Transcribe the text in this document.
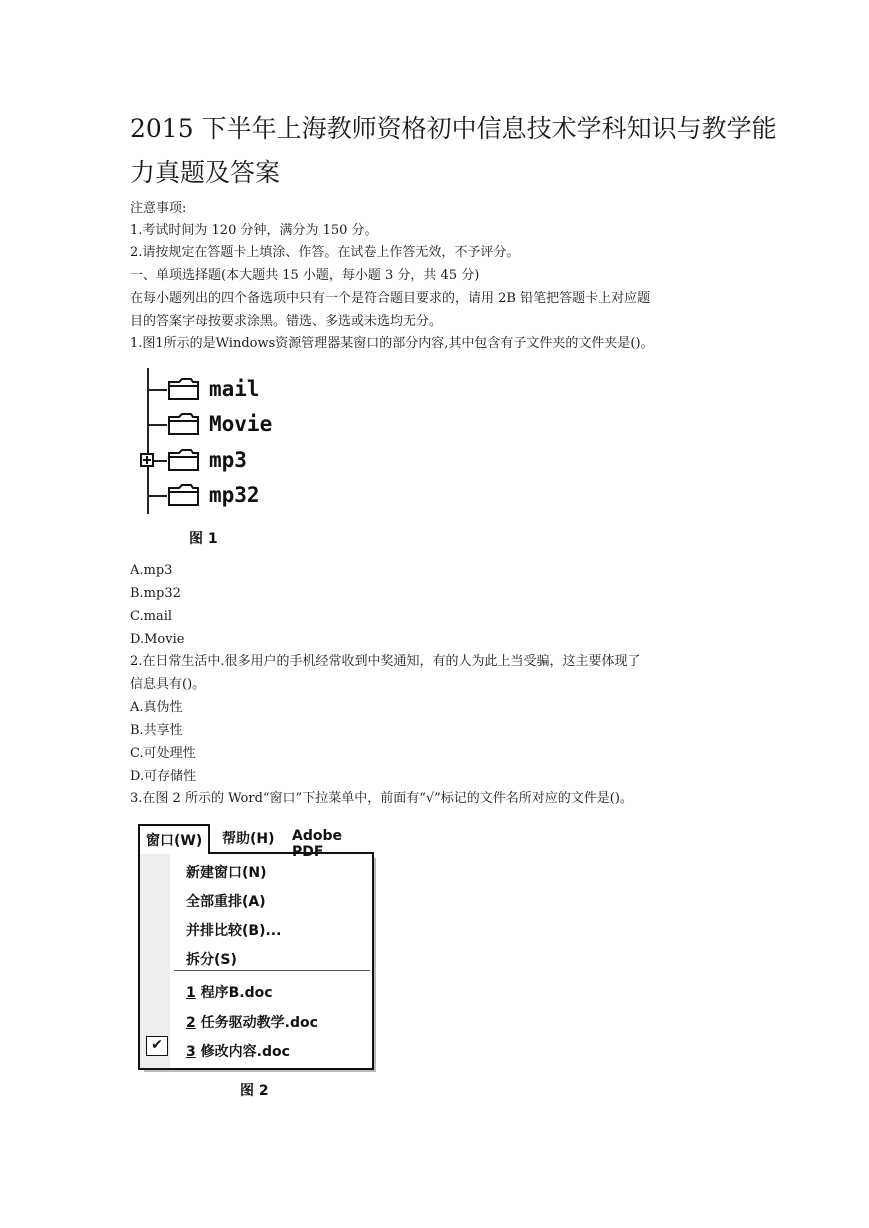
2015 下半年上海教师资格初中信息技术学科知识与教学能
力真题及答案
注意事项:
1.考试时间为 120 分钟，满分为 150 分。
2.请按规定在答题卡上填涂、作答。在试卷上作答无效，不予评分。
一、单项选择题(本大题共 15 小题，每小题 3 分，共 45 分)
在每小题列出的四个备选项中只有一个是符合题目要求的，请用 2B 铅笔把答题卡上对应题
目的答案字母按要求涂黑。错选、多选或未选均无分。
1.图1所示的是Windows资源管理器某窗口的部分内容,其中包含有子文件夹的文件夹是()。
mail
Movie
mp3
mp32
图 1
A.mp3
B.mp32
C.mail
D.Movie
2.在日常生活中.很多用户的手机经常收到中奖通知，有的人为此上当受骗，这主要体现了
信息具有()。
A.真伪性
B.共享性
C.可处理性
D.可存储性
3.在图 2 所示的 Word“窗口”下拉菜单中，前面有“√”标记的文件名所对应的文件是()。
新建窗口(N)
全部重排(A)
并排比较(B)...
拆分(S)
1 程序B.doc
✔
2 任务驱动教学.doc
3 修改内容.doc
窗口(W)	帮助(H) Adobe PDF
图 2
